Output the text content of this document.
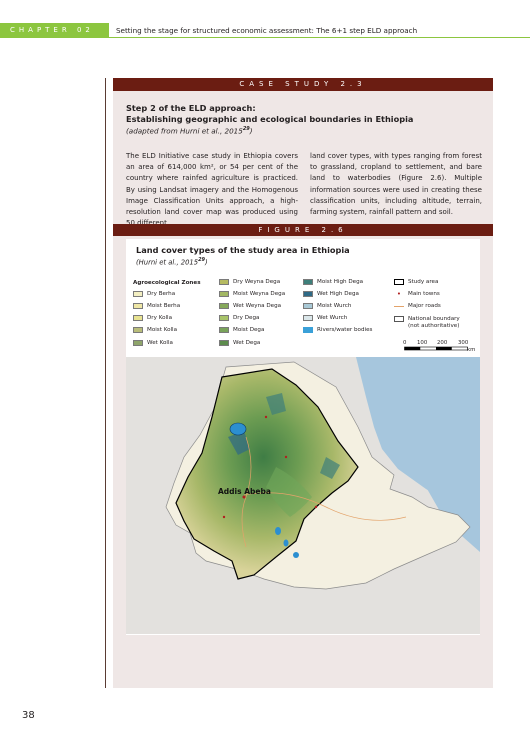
CHAPTER 02	Setting the stage for structured economic assessment: The 6+1 step ELD approach
CASE STUDY 2.3
Step 2 of the ELD approach:
Establishing geographic and ecological boundaries in Ethiopia
(adapted from Hurni et al., 2015$^{29}$)
The ELD Initiative case study in Ethiopia covers an area of 614,000 km², or 54 per cent of the country where rainfed agriculture is practiced. By using Landsat imagery and the Homogenous Image Classification Units approach, a high-resolution land cover map was produced using
land cover types, with types ranging from forest to grassland, cropland to settlement, and bare land to waterbodies (Figure 2.6). Multiple information sources were used in creating these classification units, including altitude, terrain, farming system, rainfall pattern and soil.
FIGURE 2.6
Land cover types of the study area in Ethiopia
(Hurni et al., 2015$^{29}$)
Agroecological Zones
Dry Berha
Moist Berha
Dry Kolla
Moist Kolla
Wet Kolla
Dry Weyna Dega
Moist Weyna Dega
Wet Weyna Dega
Dry Dega
Moist Dega
Wet Dega
Moist High Dega
Wet High Dega
Moist Wurch
Wet Wurch
Rivers/water bodies
Study area
•	Main towns
Major roads
National boundary
(not authoritative)
0 100 200 300
km
Addis Abeba
38
